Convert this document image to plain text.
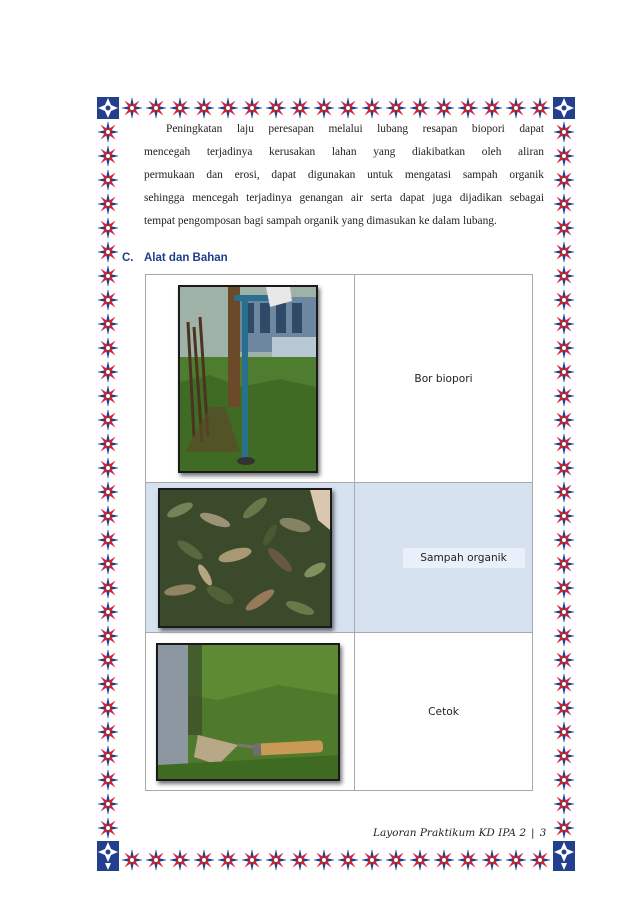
Peningkatan laju peresapan melalui lubang resapan biopori dapat
mencegah terjadinya kerusakan lahan yang diakibatkan oleh aliran
permukaan dan erosi, dapat digunakan untuk mengatasi sampah organik
sehingga mencegah terjadinya genangan air serta dapat juga dijadikan sebagai
tempat pengomposan bagi sampah organik yang dimasukan ke dalam lubang.
C. Alat dan Bahan
	Bor biopori

	Sampah organik

	Cetok
Layoran Praktikum KD IPA 2 | 3
